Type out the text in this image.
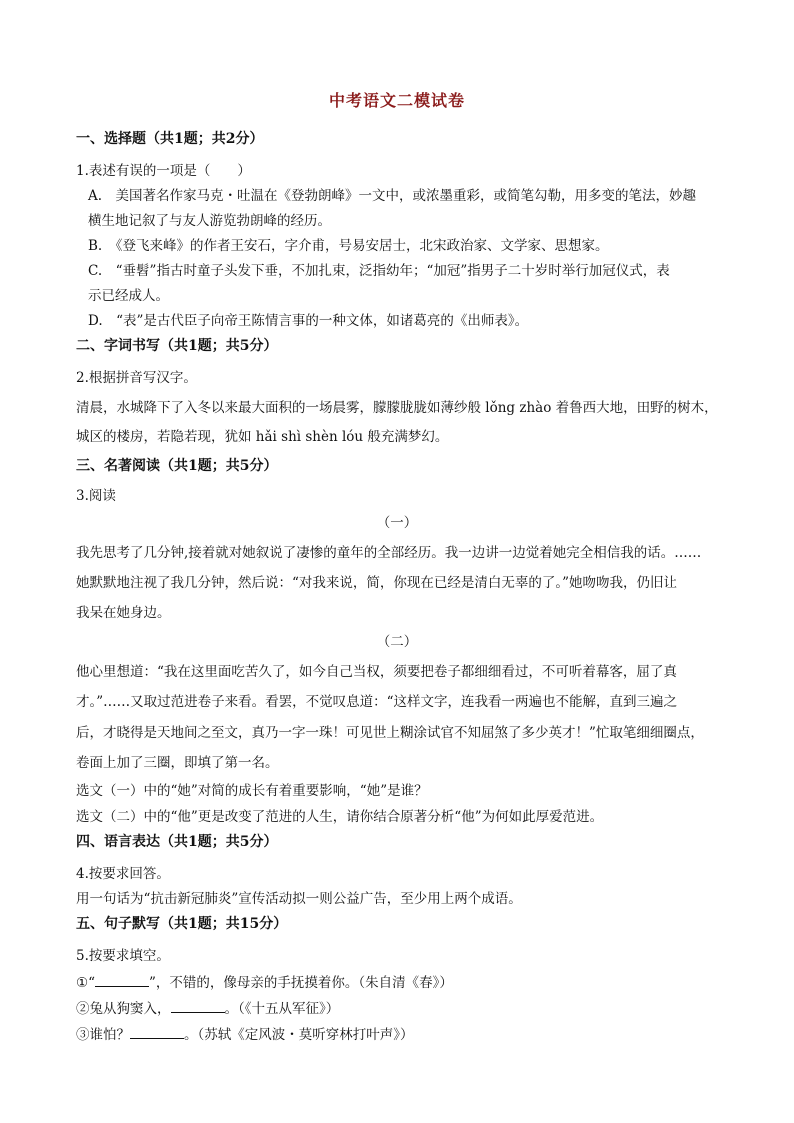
中考语文二模试卷
一、选择题（共1题；共2分）
1.表述有误的一项是（　　）
A.　美国著名作家马克・吐温在《登勃朗峰》一文中，或浓墨重彩，或简笔勾勒，用多变的笔法，妙趣
横生地记叙了与友人游览勃朗峰的经历。
B.　《登飞来峰》的作者王安石，字介甫，号易安居士，北宋政治家、文学家、思想家。
C.　“垂髫”指古时童子头发下垂，不加扎束，泛指幼年；“加冠”指男子二十岁时举行加冠仪式，表
示已经成人。
D.　“表”是古代臣子向帝王陈情言事的一种文体，如诸葛亮的《出师表》。
二、字词书写（共1题；共5分）
2.根据拼音写汉字。
清晨，水城降下了入冬以来最大面积的一场晨雾，朦朦胧胧如薄纱般 lǒng zhào 着鲁西大地，田野的树木，
城区的楼房，若隐若现，犹如 hǎi shì shèn lóu 般充满梦幻。
三、名著阅读（共1题；共5分）
3.阅读
（一）
我先思考了几分钟,接着就对她叙说了凄惨的童年的全部经历。我一边讲一边觉着她完全相信我的话。……
她默默地注视了我几分钟，然后说：“对我来说，简，你现在已经是清白无辜的了。”她吻吻我，仍旧让
我呆在她身边。
（二）
他心里想道：“我在这里面吃苦久了，如今自己当权，须要把卷子都细细看过，不可听着幕客，屈了真
才。”……又取过范进卷子来看。看罢，不觉叹息道：“这样文字，连我看一两遍也不能解，直到三遍之
后，才晓得是天地间之至文，真乃一字一珠！可见世上糊涂试官不知屈煞了多少英才！”忙取笔细细圈点，
卷面上加了三圈，即填了第一名。
选文（一）中的“她”对简的成长有着重要影响，“她”是谁？
选文（二）中的“他”更是改变了范进的人生，请你结合原著分析“他”为何如此厚爱范进。
四、语言表达（共1题；共5分）
4.按要求回答。
用一句话为“抗击新冠肺炎”宣传活动拟一则公益广告，至少用上两个成语。
五、句子默写（共1题；共15分）
5.按要求填空。
①“	”，不错的，像母亲的手抚摸着你。（朱自清《春》）
②兔从狗窦入，	。（《十五从军征》）
③谁怕？	。（苏轼《定风波・莫听穿林打叶声》）
